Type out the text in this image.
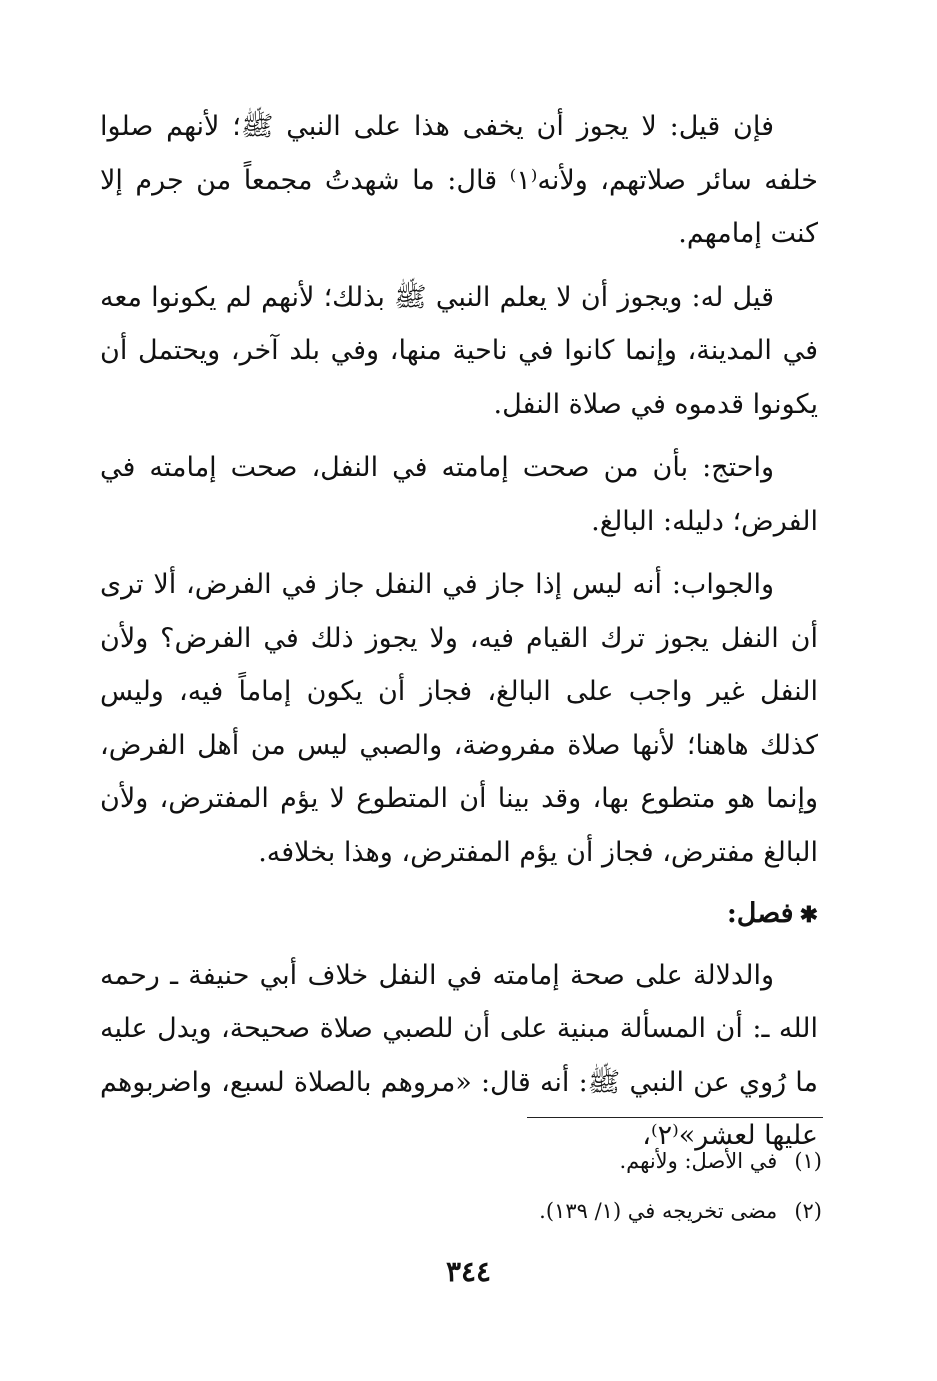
فإن قيل: لا يجوز أن يخفى هذا على النبي ﷺ؛ لأنهم صلوا خلفه سائر صلاتهم، ولأنه⁽١⁾ قال: ما شهدتُ مجمعاً من جرم إلا كنت إمامهم.

قيل له: ويجوز أن لا يعلم النبي ﷺ بذلك؛ لأنهم لم يكونوا معه في المدينة، وإنما كانوا في ناحية منها، وفي بلد آخر، ويحتمل أن يكونوا قدموه في صلاة النفل.

واحتج: بأن من صحت إمامته في النفل، صحت إمامته في الفرض؛ دليله: البالغ.

والجواب: أنه ليس إذا جاز في النفل جاز في الفرض، ألا ترى أن النفل يجوز ترك القيام فيه، ولا يجوز ذلك في الفرض؟ ولأن النفل غير واجب على البالغ، فجاز أن يكون إماماً فيه، وليس كذلك هاهنا؛ لأنها صلاة مفروضة، والصبي ليس من أهل الفرض، وإنما هو متطوع بها، وقد بينا أن المتطوع لا يؤم المفترض، ولأن البالغ مفترض، فجاز أن يؤم المفترض، وهذا بخلافه.

✱فصل:

والدلالة على صحة إمامته في النفل خلاف أبي حنيفة ـ رحمه الله ـ: أن المسألة مبنية على أن للصبي صلاة صحيحة، ويدل عليه ما رُوي عن النبي ﷺ: أنه قال: «مروهم بالصلاة لسبع، واضربوهم عليها لعشر»⁽٢⁾،

(١) في الأصل: ولأنهم.

(٢) مضى تخريجه في (١/ ١٣٩).

٣٤٤
